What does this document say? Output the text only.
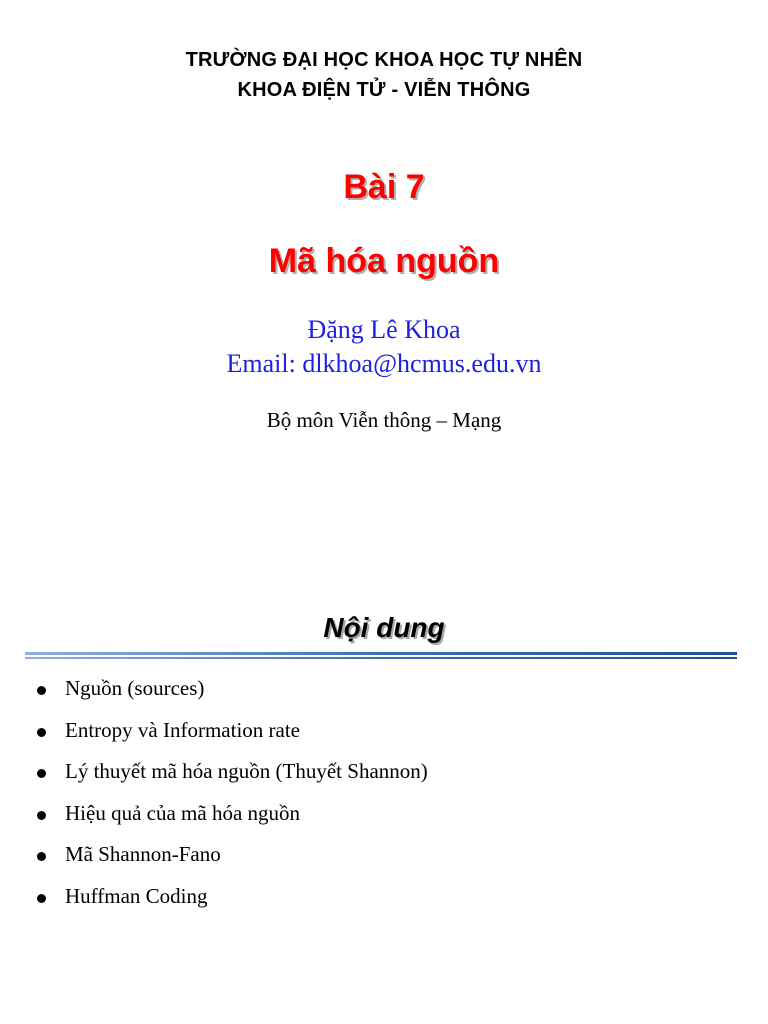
TRƯỜNG ĐẠI HỌC KHOA HỌC TỰ NHÊN
KHOA ĐIỆN TỬ - VIỄN THÔNG
Bài 7
Mã hóa nguồn
Đặng Lê Khoa
Email: dlkhoa@hcmus.edu.vn
Bộ môn Viễn thông – Mạng
Nội dung
Nguồn (sources)
Entropy và Information rate
Lý thuyết mã hóa nguồn (Thuyết Shannon)
Hiệu quả của mã hóa nguồn
Mã Shannon-Fano
Huffman Coding
